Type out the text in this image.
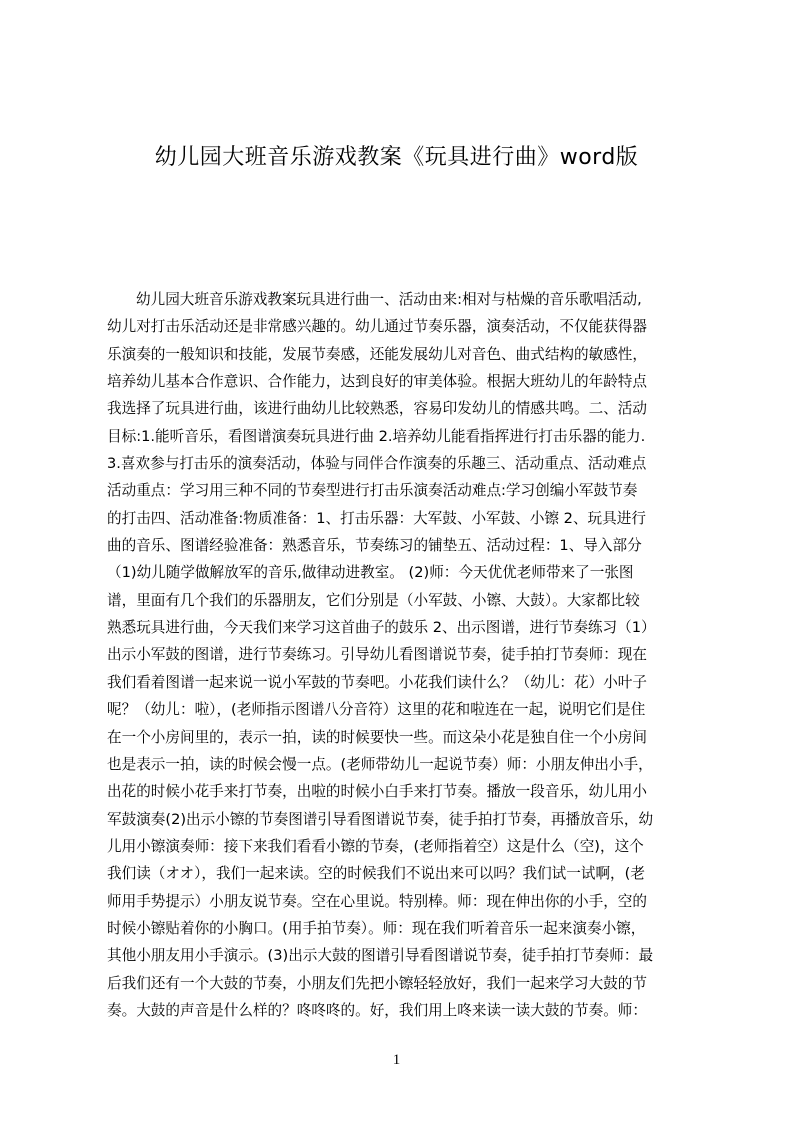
幼儿园大班音乐游戏教案《玩具进行曲》word版
幼儿园大班音乐游戏教案玩具进行曲一、活动由来:相对与枯燥的音乐歌唱活动,
幼儿对打击乐活动还是非常感兴趣的。幼儿通过节奏乐器，演奏活动，不仅能获得器
乐演奏的一般知识和技能，发展节奏感，还能发展幼儿对音色、曲式结构的敏感性，
培养幼儿基本合作意识、合作能力，达到良好的审美体验。根据大班幼儿的年龄特点
我选择了玩具进行曲，该进行曲幼儿比较熟悉，容易印发幼儿的情感共鸣。二、活动
目标:1.能听音乐，看图谱演奏玩具进行曲 2.培养幼儿能看指挥进行打击乐器的能力.
3.喜欢参与打击乐的演奏活动，体验与同伴合作演奏的乐趣三、活动重点、活动难点
活动重点：学习用三种不同的节奏型进行打击乐演奏活动难点:学习创编小军鼓节奏
的打击四、活动准备:物质准备：1、打击乐器：大军鼓、小军鼓、小镲 2、玩具进行
曲的音乐、图谱经验准备：熟悉音乐，节奏练习的铺垫五、活动过程：1、导入部分
（1)幼儿随学做解放军的音乐,做律动进教室。 (2)师：今天优优老师带来了一张图
谱，里面有几个我们的乐器朋友，它们分别是（小军鼓、小镲、大鼓）。大家都比较
熟悉玩具进行曲，今天我们来学习这首曲子的鼓乐 2、出示图谱，进行节奏练习（1）
出示小军鼓的图谱，进行节奏练习。引导幼儿看图谱说节奏，徒手拍打节奏师：现在
我们看着图谱一起来说一说小军鼓的节奏吧。小花我们读什么？（幼儿：花）小叶子
呢？（幼儿：啦），(老师指示图谱八分音符）这里的花和啦连在一起，说明它们是住
在一个小房间里的，表示一拍，读的时候要快一些。而这朵小花是独自住一个小房间
也是表示一拍，读的时候会慢一点。(老师带幼儿一起说节奏）师：小朋友伸出小手，
出花的时候小花手来打节奏，出啦的时候小白手来打节奏。播放一段音乐，幼儿用小
军鼓演奏(2)出示小镲的节奏图谱引导看图谱说节奏，徒手拍打节奏，再播放音乐，幼
儿用小镲演奏师：接下来我们看看小镲的节奏，(老师指着空）这是什么（空)，这个
我们读（オオ），我们一起来读。空的时候我们不说出来可以吗？我们试一试啊，(老
师用手势提示）小朋友说节奏。空在心里说。特别棒。师：现在伸出你的小手，空的
时候小镲贴着你的小胸口。(用手拍节奏）。师：现在我们听着音乐一起来演奏小镲，
其他小朋友用小手演示。(3)出示大鼓的图谱引导看图谱说节奏，徒手拍打节奏师：最
后我们还有一个大鼓的节奏，小朋友们先把小镲轻轻放好，我们一起来学习大鼓的节
奏。大鼓的声音是什么样的？咚咚咚的。好，我们用上咚来读一读大鼓的节奏。师：
1
